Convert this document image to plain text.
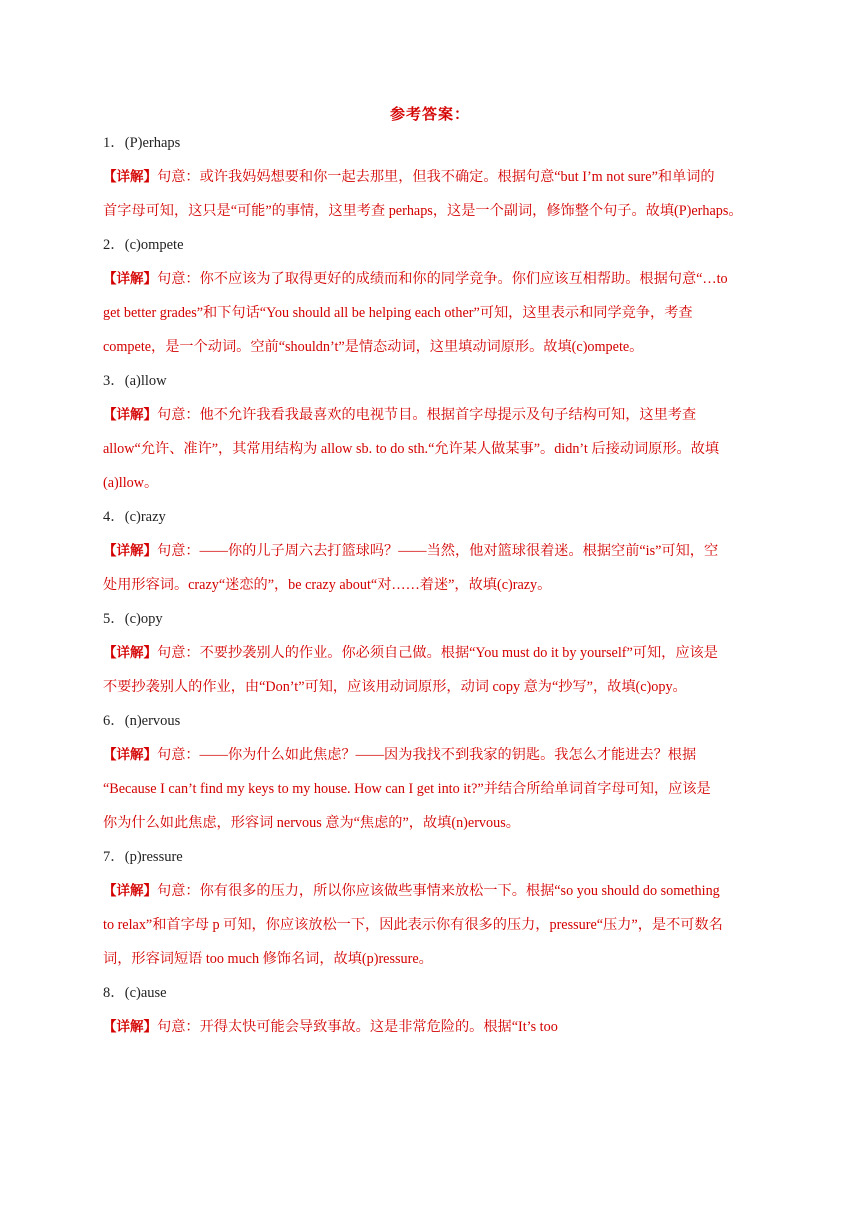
参考答案：
1．(P)erhaps
【详解】句意：或许我妈妈想要和你一起去那里，但我不确定。根据句意“but I’m not sure”和单词的
首字母可知，这只是“可能”的事情，这里考查 perhaps，这是一个副词，修饰整个句子。故填(P)erhaps。
2．(c)ompete
【详解】句意：你不应该为了取得更好的成绩而和你的同学竞争。你们应该互相帮助。根据句意“…to
get better grades”和下句话“You should all be helping each other”可知，这里表示和同学竞争，考查
compete，是一个动词。空前“shouldn’t”是情态动词，这里填动词原形。故填(c)ompete。
3．(a)llow
【详解】句意：他不允许我看我最喜欢的电视节目。根据首字母提示及句子结构可知，这里考查
allow“允许、准许”，其常用结构为 allow sb. to do sth.“允许某人做某事”。didn’t 后接动词原形。故填
(a)llow。
4．(c)razy
【详解】句意：——你的儿子周六去打篮球吗？——当然，他对篮球很着迷。根据空前“is”可知，空
处用形容词。crazy“迷恋的”，be crazy about“对……着迷”，故填(c)razy。
5．(c)opy
【详解】句意：不要抄袭别人的作业。你必须自己做。根据“You must do it by yourself”可知，应该是
不要抄袭别人的作业，由“Don’t”可知，应该用动词原形，动词 copy 意为“抄写”，故填(c)opy。
6．(n)ervous
【详解】句意：——你为什么如此焦虑？——因为我找不到我家的钥匙。我怎么才能进去？根据
“Because I can’t find my keys to my house. How can I get into it?”并结合所给单词首字母可知，应该是
你为什么如此焦虑，形容词 nervous 意为“焦虑的”，故填(n)ervous。
7．(p)ressure
【详解】句意：你有很多的压力，所以你应该做些事情来放松一下。根据“so you should do something
to relax”和首字母 p 可知，你应该放松一下，因此表示你有很多的压力，pressure“压力”，是不可数名
词，形容词短语 too much 修饰名词，故填(p)ressure。
8．(c)ause
【详解】句意：开得太快可能会导致事故。这是非常危险的。根据“It’s too
